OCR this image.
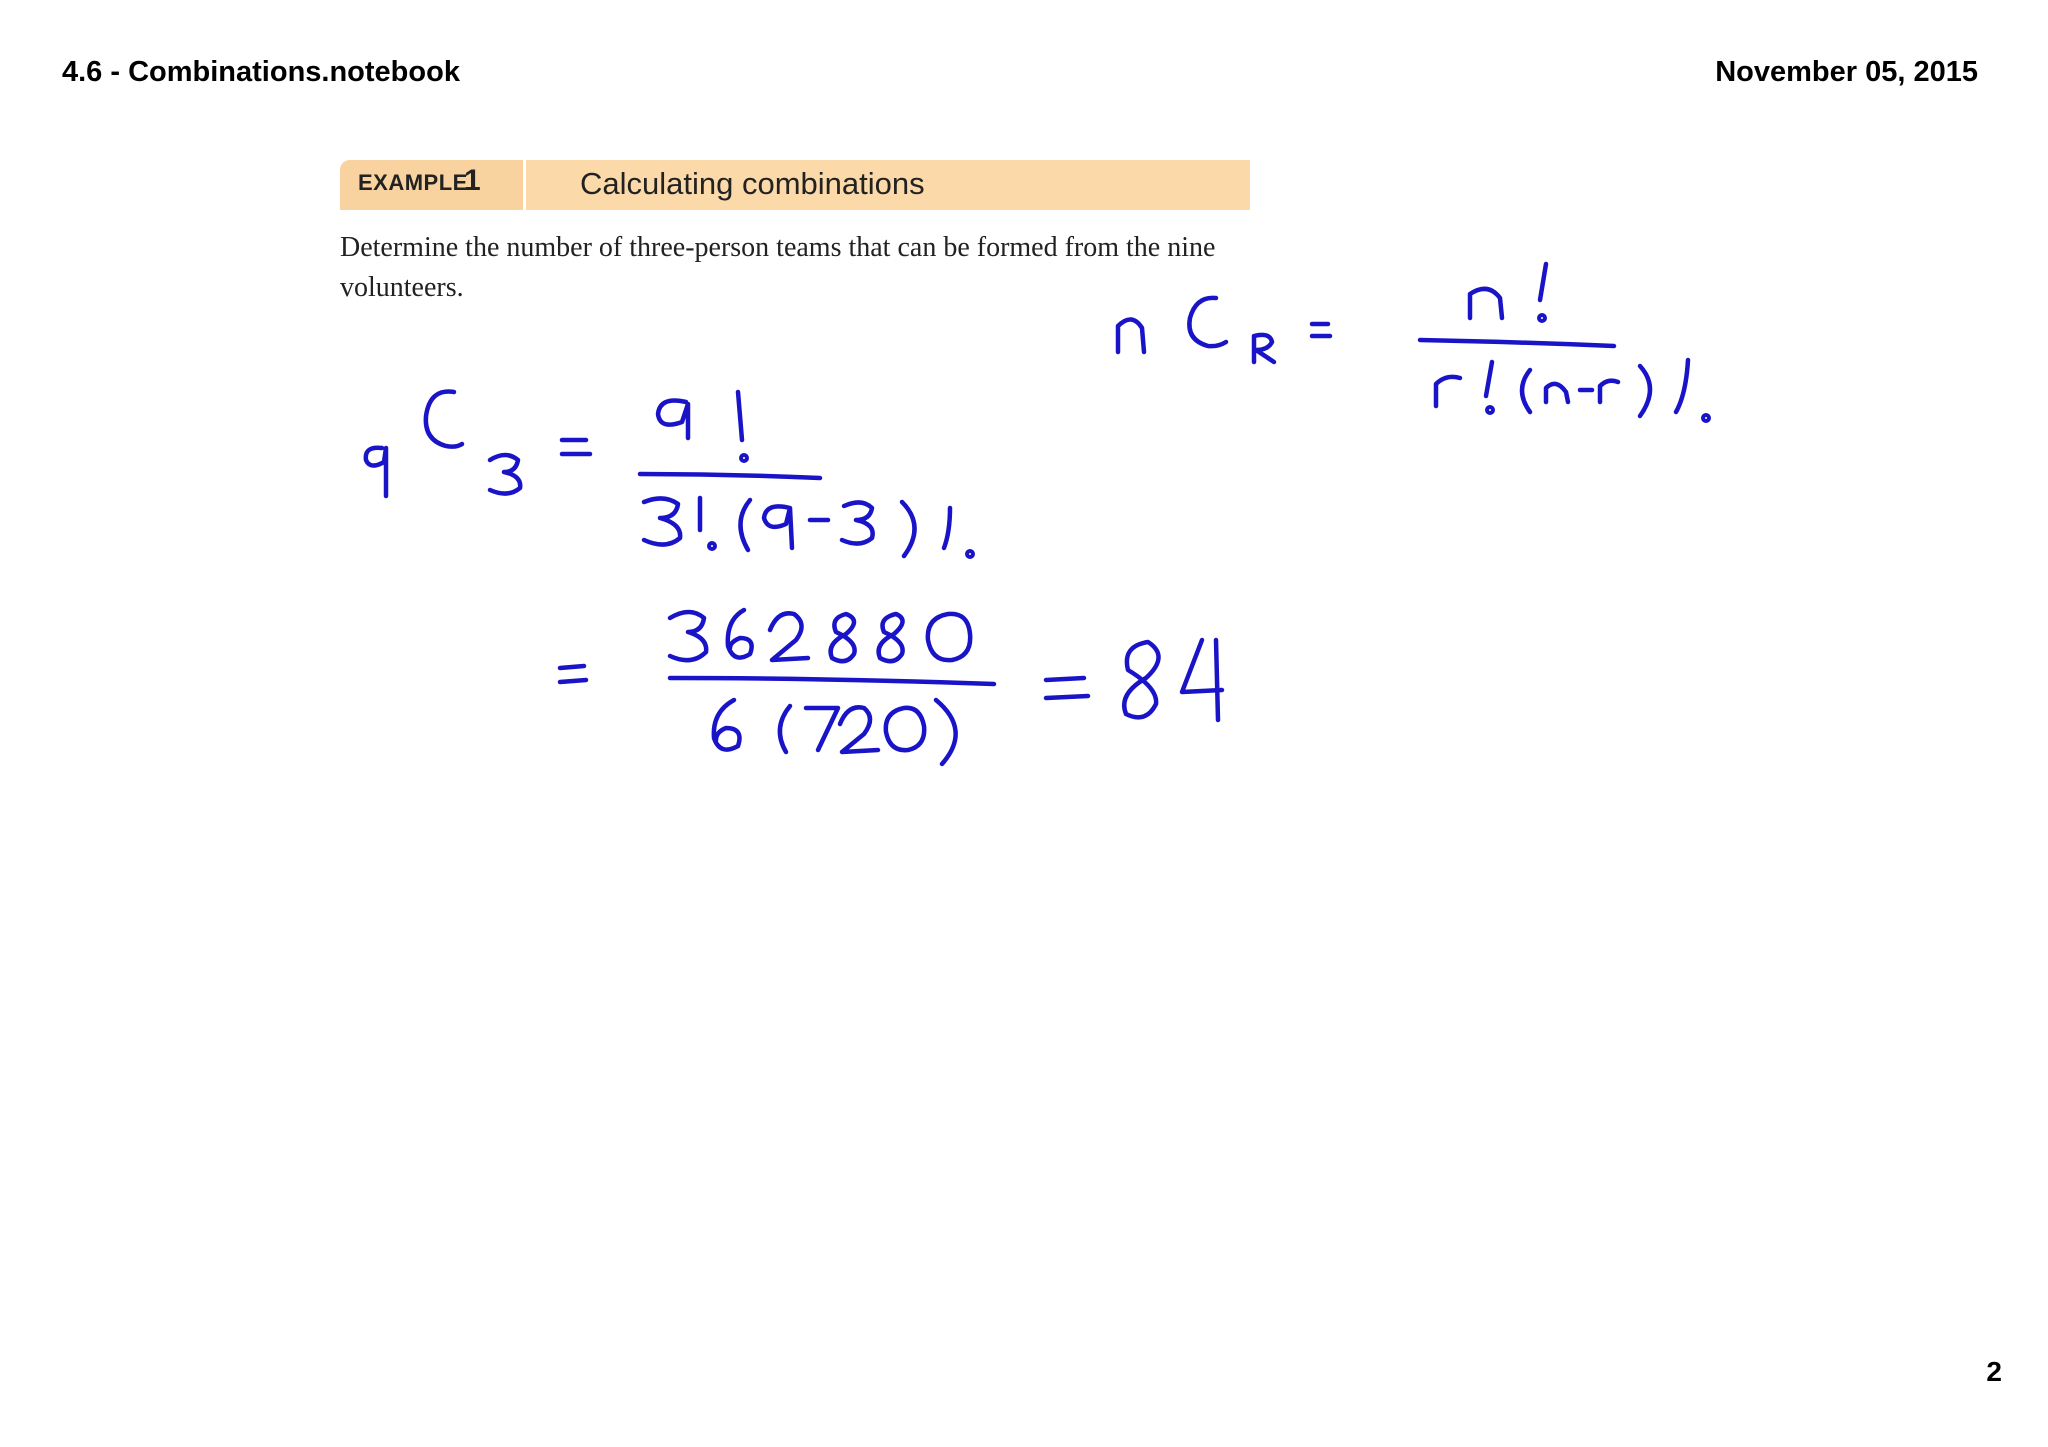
4.6 - Combinations.notebook	November 05, 2015
EXAMPLE
1	Calculating combinations
Determine the number of three-person teams that can be formed from the nine volunteers.
2
